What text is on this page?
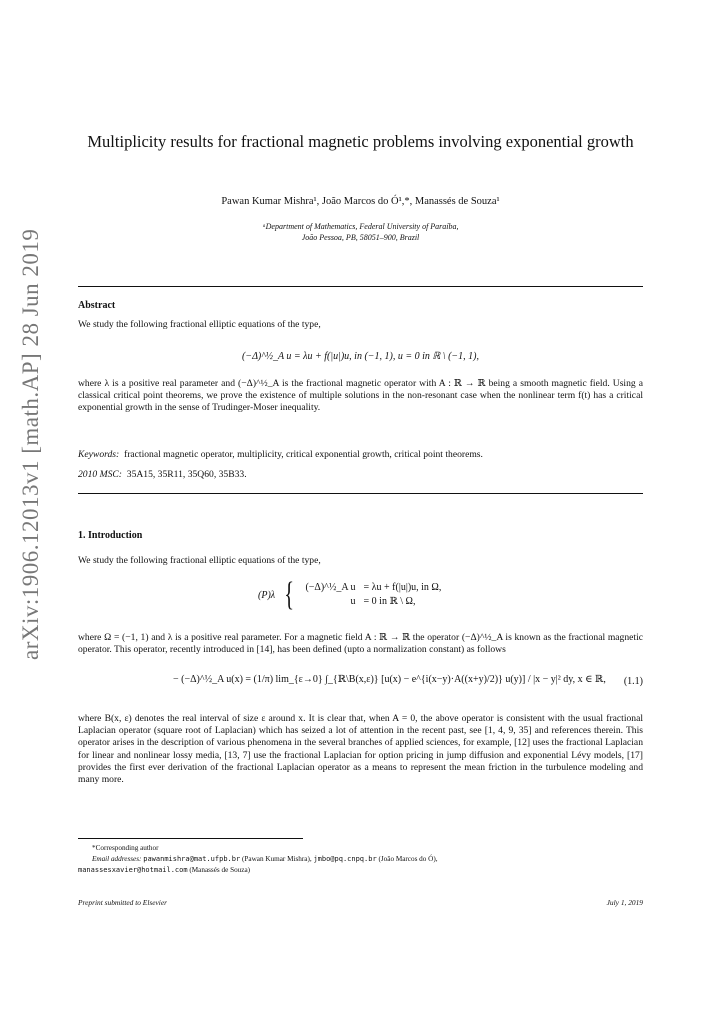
arXiv:1906.12013v1 [math.AP] 28 Jun 2019
Multiplicity results for fractional magnetic problems involving exponential growth
Pawan Kumar Mishra¹, João Marcos do Ó¹,*, Manassés de Souza¹
ᵃDepartment of Mathematics, Federal University of Paraíba,
João Pessoa, PB, 58051–900, Brazil
Abstract
We study the following fractional elliptic equations of the type,
(−Δ)^½_A u = λu + f(|u|)u, in (−1, 1), u = 0 in ℝ \ (−1, 1),
where λ is a positive real parameter and (−Δ)^½_A is the fractional magnetic operator with A : ℝ → ℝ being a smooth magnetic field. Using a classical critical point theorems, we prove the existence of multiple solutions in the non-resonant case when the nonlinear term f(t) has a critical exponential growth in the sense of Trudinger-Moser inequality.
Keywords: fractional magnetic operator, multiplicity, critical exponential growth, critical point theorems.
2010 MSC: 35A15, 35R11, 35Q60, 35B33.
1. Introduction
We study the following fractional elliptic equations of the type,
(P)λ { (−Δ)^½_A u	= λu + f(|u|)u, in Ω,
u	= 0 in ℝ \ Ω,
where Ω = (−1, 1) and λ is a positive real parameter. For a magnetic field A : ℝ → ℝ the operator (−Δ)^½_A is known as the fractional magnetic operator. This operator, recently introduced in [14], has been defined (upto a normalization constant) as follows
− (−Δ)^½_A u(x) = (1/π) lim_{ε→0} ∫_{ℝ\B(x,ε)} [u(x) − e^{i(x−y)·A((x+y)/2)} u(y)] / |x − y|² dy, x ∈ ℝ, (1.1)
where B(x, ε) denotes the real interval of size ε around x. It is clear that, when A = 0, the above operator is consistent with the usual fractional Laplacian operator (square root of Laplacian) which has seized a lot of attention in the recent past, see [1, 4, 9, 35] and references therein. This operator arises in the description of various phenomena in the several branches of applied sciences, for example, [12] uses the fractional Laplacian for linear and nonlinear lossy media, [13, 7] use the fractional Laplacian for option pricing in jump diffusion and exponential Lévy models, [17] provides the first ever derivation of the fractional Laplacian operator as a means to represent the mean friction in the turbulence modeling and many more.
*Corresponding author
Email addresses: pawanmishra@mat.ufpb.br (Pawan Kumar Mishra), jmbo@pq.cnpq.br (João Marcos do Ó),
manassesxavier@hotmail.com (Manassés de Souza)
Preprint submitted to Elsevier	July 1, 2019
